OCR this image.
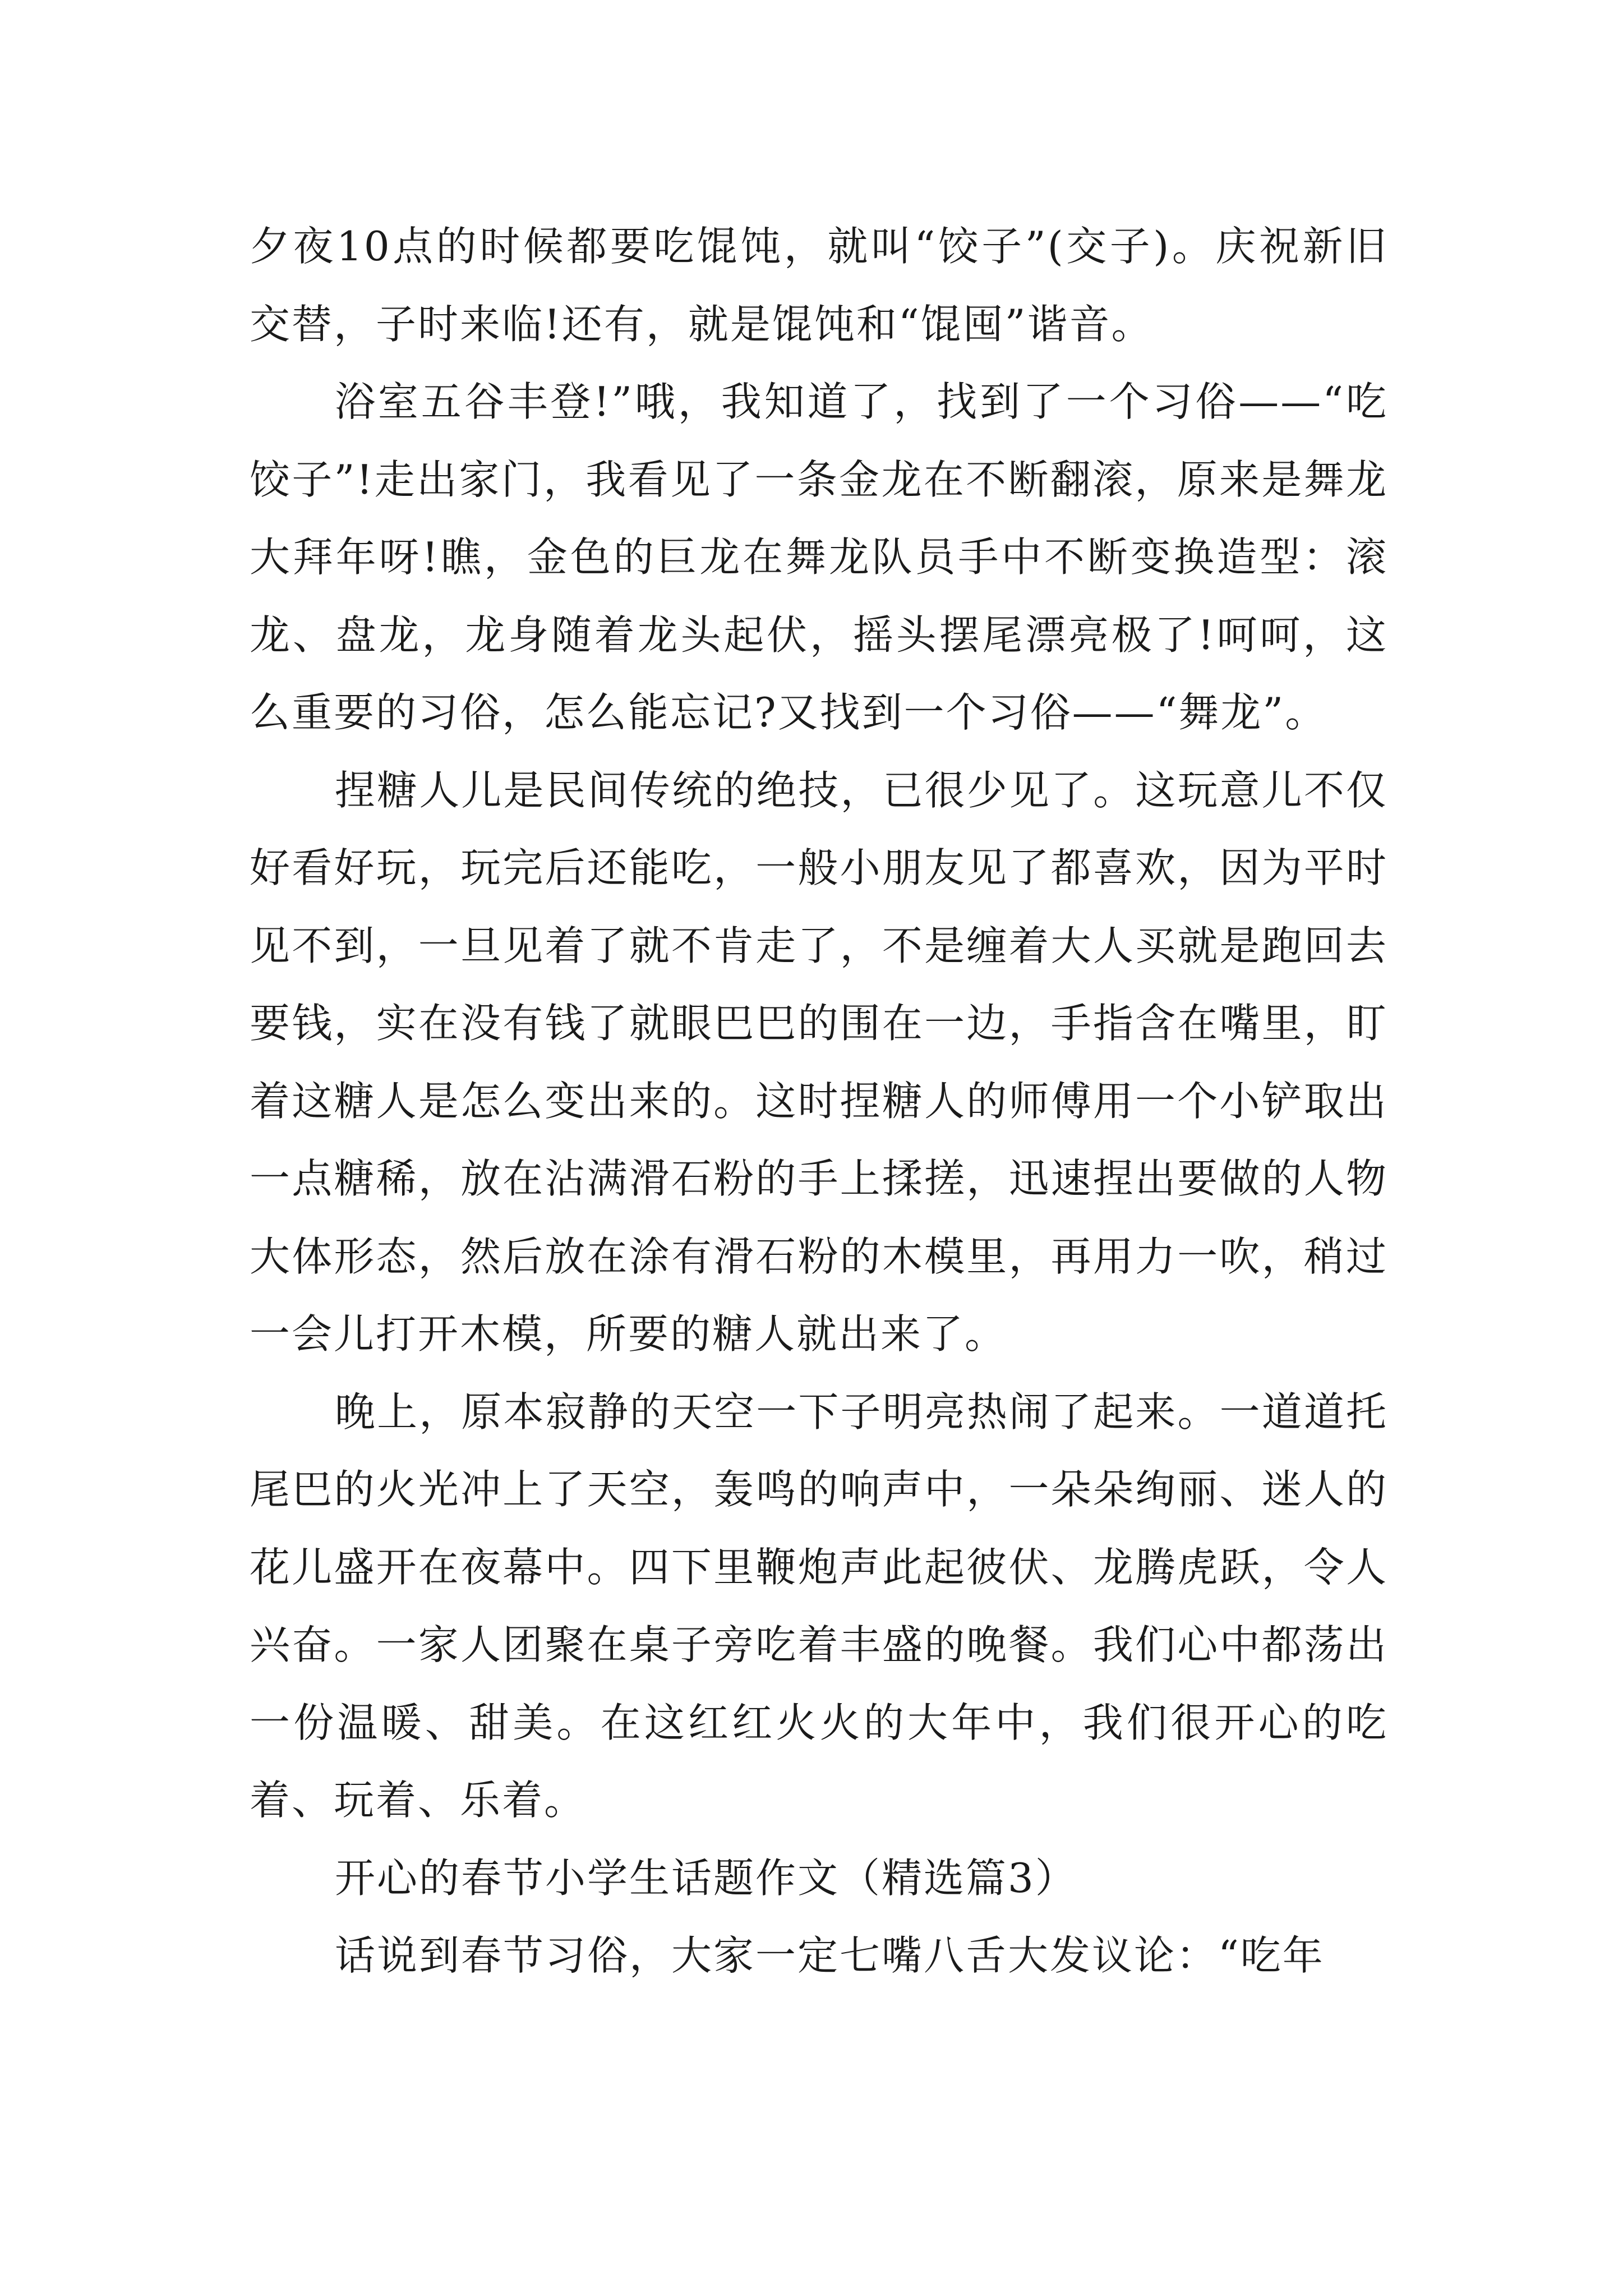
夕夜10点的时候都要吃馄饨，就叫“饺子”(交子)。庆祝新旧交替，子时来临!还有，就是馄饨和“馄囤”谐音。

浴室五谷丰登!”哦，我知道了，找到了一个习俗——“吃饺子”!走出家门，我看见了一条金龙在不断翻滚，原来是舞龙大拜年呀!瞧，金色的巨龙在舞龙队员手中不断变换造型：滚龙、盘龙，龙身随着龙头起伏，摇头摆尾漂亮极了!呵呵，这么重要的习俗，怎么能忘记?又找到一个习俗——“舞龙”。

捏糖人儿是民间传统的绝技，已很少见了。这玩意儿不仅好看好玩，玩完后还能吃，一般小朋友见了都喜欢，因为平时见不到，一旦见着了就不肯走了，不是缠着大人买就是跑回去要钱，实在没有钱了就眼巴巴的围在一边，手指含在嘴里，盯着这糖人是怎么变出来的。这时捏糖人的师傅用一个小铲取出一点糖稀，放在沾满滑石粉的手上揉搓，迅速捏出要做的人物大体形态，然后放在涂有滑石粉的木模里，再用力一吹，稍过一会儿打开木模，所要的糖人就出来了。

晚上，原本寂静的天空一下子明亮热闹了起来。一道道托尾巴的火光冲上了天空，轰鸣的响声中，一朵朵绚丽、迷人的花儿盛开在夜幕中。四下里鞭炮声此起彼伏、龙腾虎跃，令人兴奋。一家人团聚在桌子旁吃着丰盛的晚餐。我们心中都荡出一份温暖、甜美。在这红红火火的大年中，我们很开心的吃着、玩着、乐着。

开心的春节小学生话题作文（精选篇3）

话说到春节习俗，大家一定七嘴八舌大发议论：“吃年
